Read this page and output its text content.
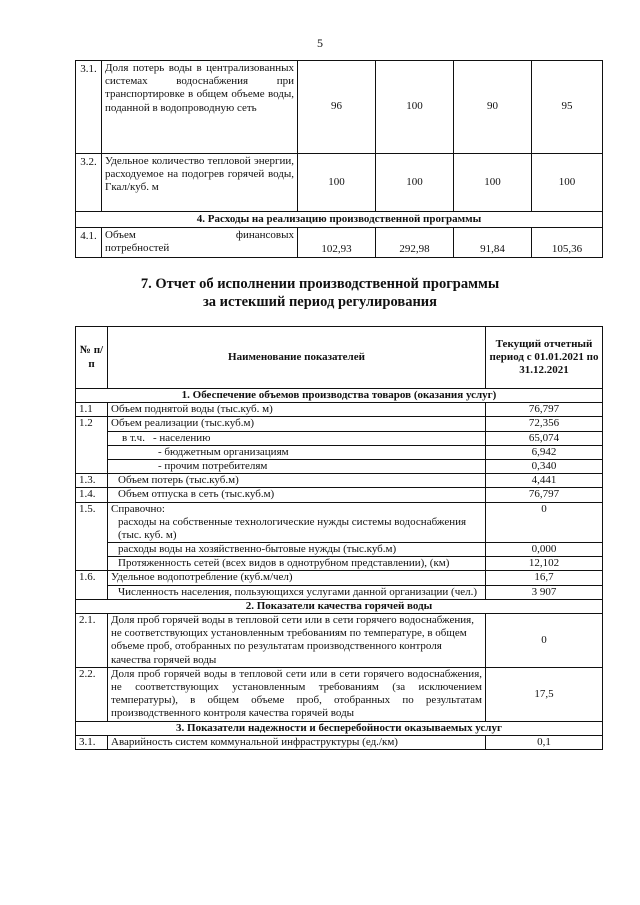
5
3.1.	Доля потерь воды в централизованных системах водоснабжения при транспортировке в общем объеме воды, поданной в водопроводную сеть	96	100	90	95
3.2.	Удельное количество тепловой энергии, расходуемое на подогрев горячей воды, Гкал/куб. м	100	100	100	100
4. Расходы на реализацию производственной программы					
4.1.	Объем финансовых
потребностей	102,93	292,98	91,84	105,36
7. Отчет об исполнении производственной программы
за истекший период регулирования
№ п/п	Наименование показателей	Текущий отчетный период с 01.01.2021 по 31.12.2021
1. Обеспечение объемов производства товаров (оказания услуг)		
1.1	Объем поднятой воды (тыс.куб. м)	76,797
1.2	Объем реализации (тыс.куб.м)	72,356
	в т.ч. - населению	65,074
	- бюджетным организациям	6,942
	- прочим потребителям	0,340
1.3.	Объем потерь (тыс.куб.м)	4,441
1.4.	Объем отпуска в сеть (тыс.куб.м)	76,797
1.5.	Справочно:	0
	расходы на собственные технологические нужды системы водоснабжения (тыс. куб. м)	
	расходы воды на хозяйственно-бытовые нужды (тыс.куб.м)	0,000
	Протяженность сетей (всех видов в однотрубном представлении), (км)	12,102
1.6.	Удельное водопотребление (куб.м/чел)	16,7
	Численность населения, пользующихся услугами данной организации (чел.)	3 907
2. Показатели качества горячей воды		
2.1.	Доля проб горячей воды в тепловой сети или в сети горячего водоснабжения, не соответствующих установленным требованиям по температуре, в общем объеме проб, отобранных по результатам производственного контроля качества горячей воды	0
2.2.	Доля проб горячей воды в тепловой сети или в сети горячего водоснабжения, не соответствующих установленным требованиям (за исключением температуры), в общем объеме проб, отобранных по результатам производственного контроля качества горячей воды	17,5
3. Показатели надежности и бесперебойности оказываемых услуг		
3.1.	Аварийность систем коммунальной инфраструктуры (ед./км)	0,1
